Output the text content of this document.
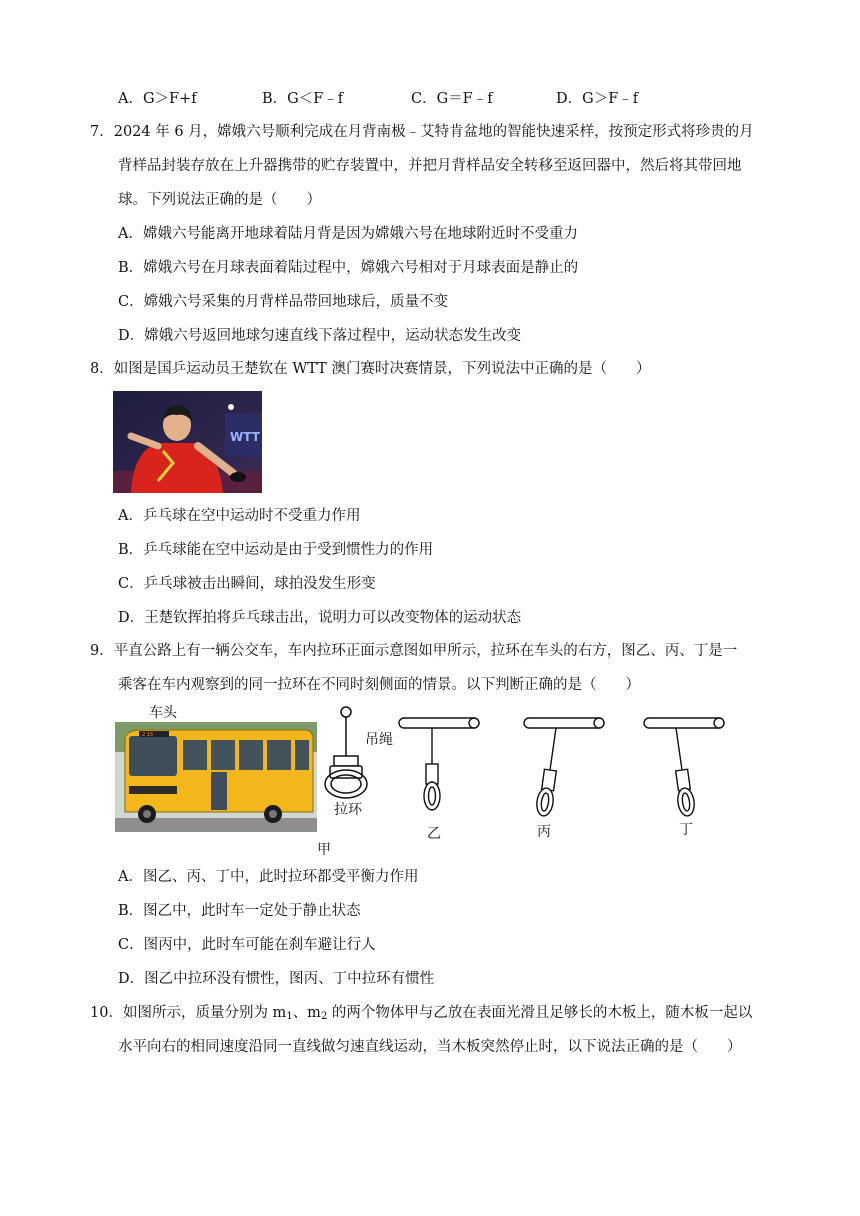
A．G＞F+f	B．G＜F﹣f	C．G＝F﹣f	D．G＞F﹣f
7．2024 年 6 月，嫦娥六号顺利完成在月背南极﹣艾特肯盆地的智能快速采样，按预定形式将珍贵的月
背样品封装存放在上升器携带的贮存装置中，并把月背样品安全转移至返回器中，然后将其带回地
球。下列说法正确的是（　　）
A．嫦娥六号能离开地球着陆月背是因为嫦娥六号在地球附近时不受重力
B．嫦娥六号在月球表面着陆过程中，嫦娥六号相对于月球表面是静止的
C．嫦娥六号采集的月背样品带回地球后，质量不变
D．嫦娥六号返回地球匀速直线下落过程中，运动状态发生改变
8．如图是国乒运动员王楚钦在 WTT 澳门赛时决赛情景，下列说法中正确的是（　　）
WTT
A．乒乓球在空中运动时不受重力作用
B．乒乓球能在空中运动是由于受到惯性力的作用
C．乒乓球被击出瞬间，球拍没发生形变
D．王楚钦挥拍将乒乓球击出，说明力可以改变物体的运动状态
9．平直公路上有一辆公交车，车内拉环正面示意图如甲所示，拉环在车头的右方，图乙、丙、丁是一
乘客在车内观察到的同一拉环在不同时刻侧面的情景。以下判断正确的是（　　）
车头
2 15	吊绳
拉环
甲
乙	丙	丁
A．图乙、丙、丁中，此时拉环都受平衡力作用
B．图乙中，此时车一定处于静止状态
C．图丙中，此时车可能在刹车避让行人
D．图乙中拉环没有惯性，图丙、丁中拉环有惯性
10．如图所示，质量分别为 $m_1$、$m_2$ 的两个物体甲与乙放在表面光滑且足够长的木板上，随木板一起以
水平向右的相同速度沿同一直线做匀速直线运动，当木板突然停止时，以下说法正确的是（　　）
